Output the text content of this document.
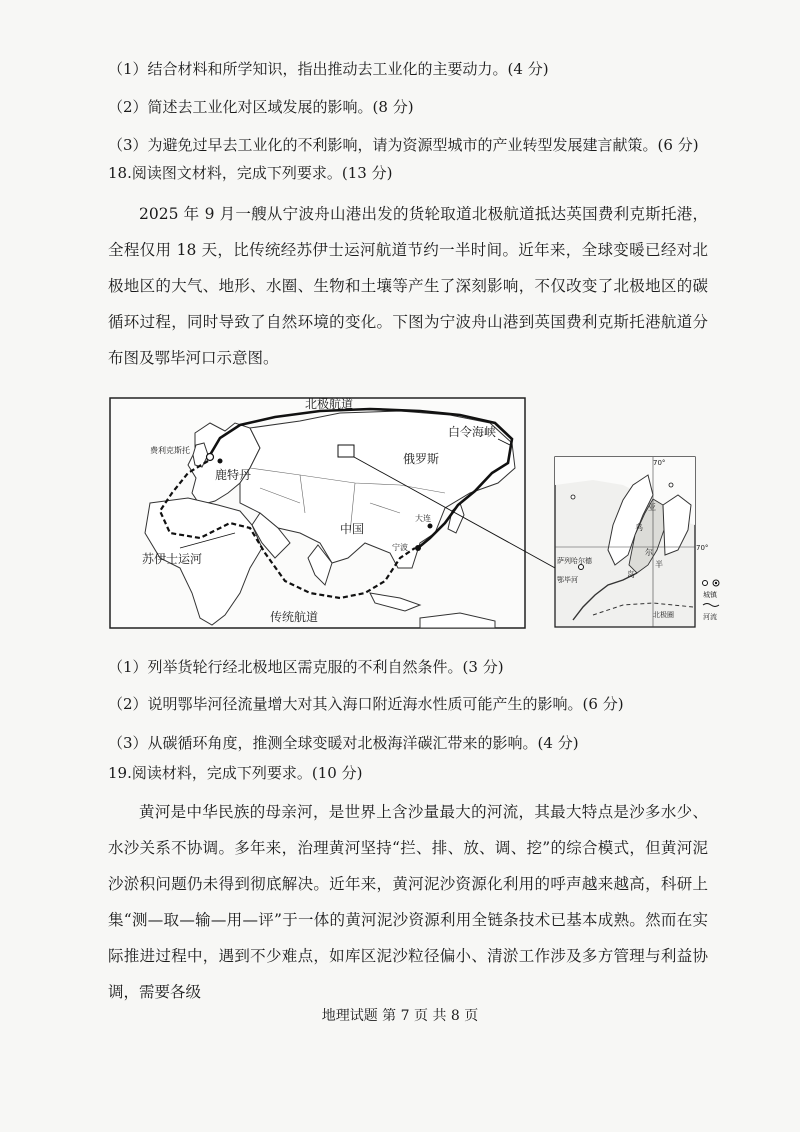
（1）结合材料和所学知识，指出推动去工业化的主要动力。(4 分)
（2）简述去工业化对区域发展的影响。(8 分)
（3）为避免过早去工业化的不利影响，请为资源型城市的产业转型发展建言献策。(6 分)
18.阅读图文材料，完成下列要求。(13 分)

2025 年 9 月一艘从宁波舟山港出发的货轮取道北极航道抵达英国费利克斯托港，全程仅用 18 天，比传统经苏伊士运河航道节约一半时间。近年来，全球变暖已经对北极地区的大气、地形、水圈、生物和土壤等产生了深刻影响，不仅改变了北极地区的碳循环过程，同时导致了自然环境的变化。下图为宁波舟山港到英国费利克斯托港航道分布图及鄂毕河口示意图。

北极航道
白令海峡
费利克斯托
鹿特丹
俄罗斯
中国
大连
宁波
苏伊士运河
传统航道
70°
70°
亚
乌
尔
半
岛
萨列哈尔德
鄂毕河
北极圈
城镇
河流
（1）列举货轮行经北极地区需克服的不利自然条件。(3 分)
（2）说明鄂毕河径流量增大对其入海口附近海水性质可能产生的影响。(6 分)
（3）从碳循环角度，推测全球变暖对北极海洋碳汇带来的影响。(4 分)
19.阅读材料，完成下列要求。(10 分)

黄河是中华民族的母亲河，是世界上含沙量最大的河流，其最大特点是沙多水少、水沙关系不协调。多年来，治理黄河坚持“拦、排、放、调、挖”的综合模式，但黄河泥沙淤积问题仍未得到彻底解决。近年来，黄河泥沙资源化利用的呼声越来越高，科研上集“测—取—输—用—评”于一体的黄河泥沙资源利用全链条技术已基本成熟。然而在实际推进过程中，遇到不少难点，如库区泥沙粒径偏小、清淤工作涉及多方管理与利益协调，需要各级

地理试题 第 7 页 共 8 页
